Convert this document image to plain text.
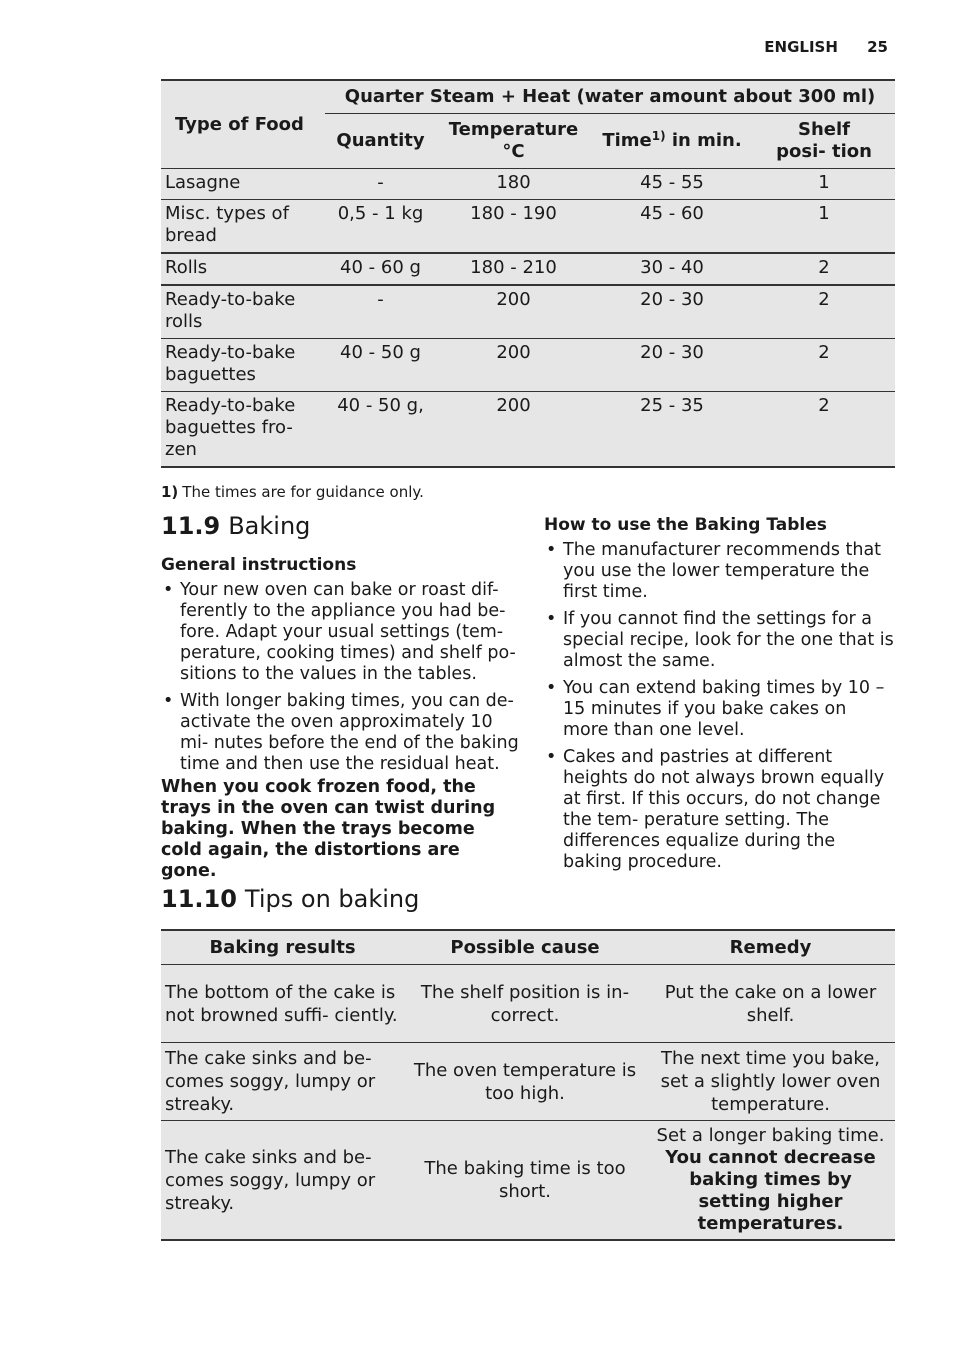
ENGLISH 25
Type of Food	Quarter Steam + Heat (water amount about 300 ml)			
	Quantity	Temperature °C	Time$^{1)}$ in min.	Shelf posi- tion
Lasagne	-	180	45 - 55	1
Misc. types of bread	0,5 - 1 kg	180 - 190	45 - 60	1
Rolls	40 - 60 g	180 - 210	30 - 40	2
Ready-to-bake rolls	-	200	20 - 30	2
Ready-to-bake baguettes	40 - 50 g	200	20 - 30	2
Ready-to-bake baguettes fro- zen	40 - 50 g,	200	25 - 35	2
1) The times are for guidance only.
11.9 Baking
General instructions
• Your new oven can bake or roast dif- ferently to the appliance you had be- fore. Adapt your usual settings (tem- perature, cooking times) and shelf po- sitions to the values in the tables.
• With longer baking times, you can de- activate the oven approximately 10 mi- nutes before the end of the baking time and then use the residual heat.
When you cook frozen food, the trays in the oven can twist during baking. When the trays become cold again, the distortions are gone.
How to use the Baking Tables
• The manufacturer recommends that you use the lower temperature the first time.
• If you cannot find the settings for a special recipe, look for the one that is almost the same.
• You can extend baking times by 10 – 15 minutes if you bake cakes on more than one level.
• Cakes and pastries at different heights do not always brown equally at first. If this occurs, do not change the tem- perature setting. The differences equalize during the baking procedure.
11.10 Tips on baking
Baking results	Possible cause	Remedy
The bottom of the cake is not browned suffi- ciently.	The shelf position is in- correct.	Put the cake on a lower shelf.
The cake sinks and be- comes soggy, lumpy or streaky.	The oven temperature is too high.	The next time you bake, set a slightly lower oven temperature.
The cake sinks and be- comes soggy, lumpy or streaky.	The baking time is too short.	Set a longer baking time.
You cannot decrease baking times by setting higher temperatures.
